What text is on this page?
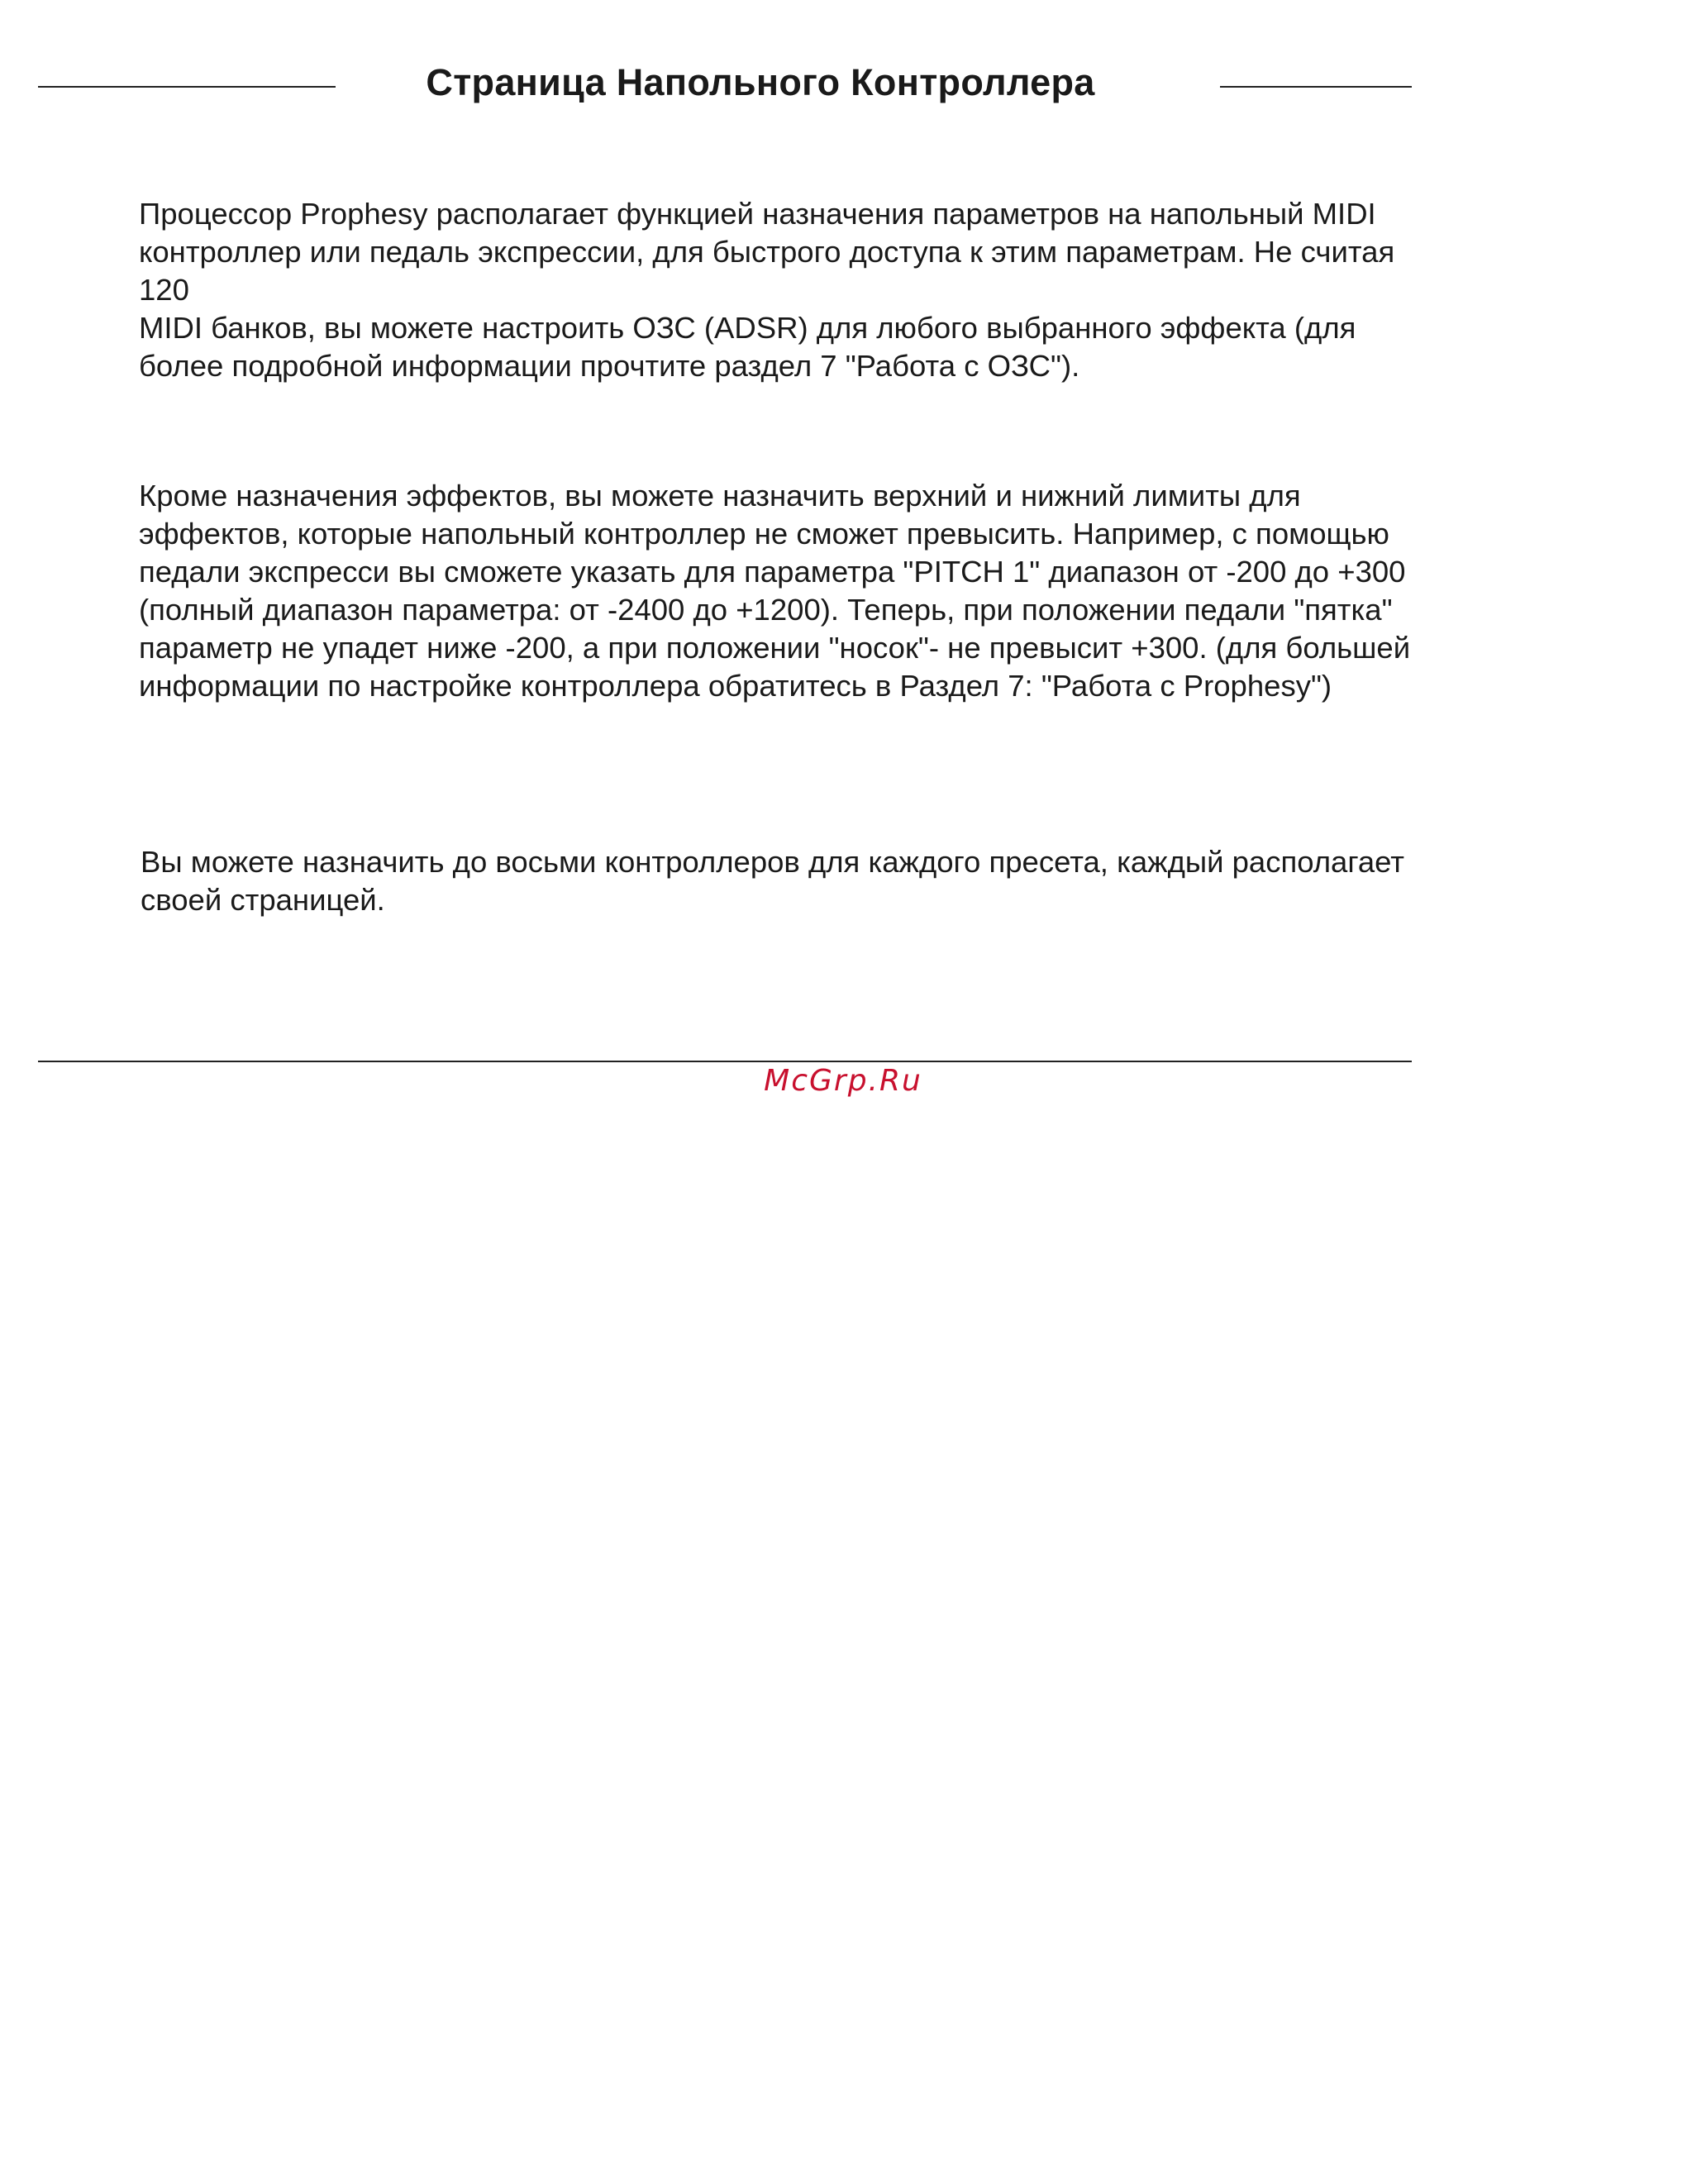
Страница Напольного Контроллера

Процессор Prophesy располагает функцией назначения параметров на напольный MIDI
контроллер или педаль экспрессии, для быстрого доступа к этим параметрам. Не считая 120
MIDI банков, вы можете настроить ОЗС (ADSR) для любого выбранного эффекта (для
более подробной информации прочтите раздел 7 "Работа с ОЗС").

Кроме назначения эффектов, вы можете назначить верхний и нижний лимиты для
эффектов, которые напольный контроллер не сможет превысить. Например, с помощью
педали экспресси вы сможете указать для параметра "PITCH 1" диапазон от -200 до +300
(полный диапазон параметра: от -2400 до +1200). Теперь, при положении педали "пятка"
параметр не упадет ниже -200, а при положении "носок"- не превысит +300. (для большей
информации по настройке контроллера обратитесь в Раздел 7: "Работа с Prophesy")

Вы можете назначить до восьми контроллеров для каждого пресета, каждый располагает
своей страницей.

McGrp.Ru
